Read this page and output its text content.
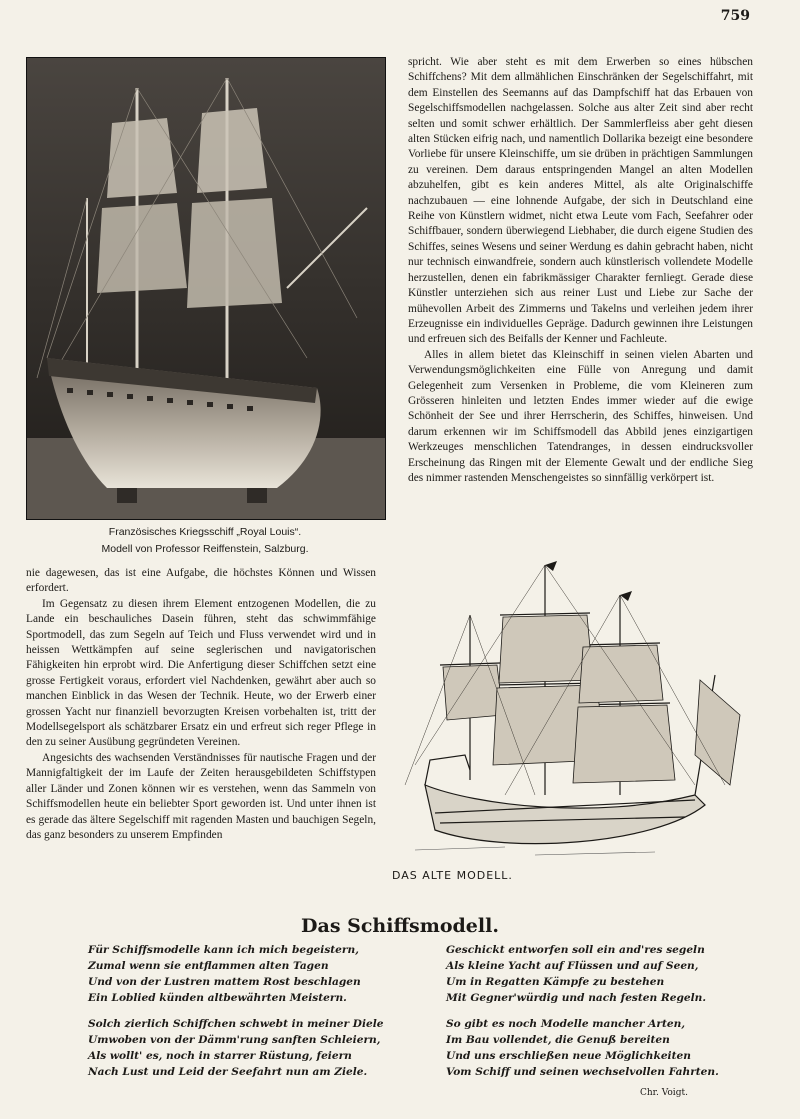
759
Französisches Kriegsschiff „Royal Louis“.
Modell von Professor Reiffenstein, Salzburg.

spricht. Wie aber steht es mit dem Erwerben so eines hübschen Schiffchens? Mit dem allmählichen Einschränken der Segelschiffahrt, mit dem Einstellen des Seemanns auf das Dampfschiff hat das Erbauen von Segelschiffsmodellen nachgelassen. Solche aus alter Zeit sind aber recht selten und somit schwer erhältlich. Der Sammlerfleiss aber geht diesen alten Stücken eifrig nach, und namentlich Dollarika bezeigt eine besondere Vorliebe für unsere Kleinschiffe, um sie drüben in prächtigen Sammlungen zu vereinen. Dem daraus entspringenden Mangel an alten Modellen abzuhelfen, gibt es kein anderes Mittel, als alte Originalschiffe nachzubauen — eine lohnende Aufgabe, der sich in Deutschland eine Reihe von Künstlern widmet, nicht etwa Leute vom Fach, Seefahrer oder Schiffbauer, sondern überwiegend Liebhaber, die durch eigene Studien des Schiffes, seines Wesens und seiner Werdung es dahin gebracht haben, nicht nur technisch einwandfreie, sondern auch künstlerisch vollendete Modelle herzustellen, denen ein fabrikmässiger Charakter fernliegt. Gerade diese Künstler unterziehen sich aus reiner Lust und Liebe zur Sache der mühevollen Arbeit des Zimmerns und Takelns und verleihen jedem ihrer Erzeugnisse ein individuelles Gepräge. Dadurch gewinnen ihre Leistungen und erfreuen sich des Beifalls der Kenner und Fachleute.

Alles in allem bietet das Kleinschiff in seinen vielen Abarten und Verwendungsmöglichkeiten eine Fülle von Anregung und damit Gelegenheit zum Versenken in Probleme, die vom Kleineren zum Grösseren hinleiten und letzten Endes immer wieder auf die ewige Schönheit der See und ihrer Herrscherin, des Schiffes, hinweisen. Und darum erkennen wir im Schiffsmodell das Abbild jenes einzigartigen Werkzeuges menschlichen Tatendranges, in dessen eindrucksvoller Erscheinung das Ringen mit der Elemente Gewalt und der endliche Sieg des nimmer rastenden Menschengeistes so sinnfällig verkörpert ist.

nie dagewesen, das ist eine Aufgabe, die höchstes Können und Wissen erfordert.

Im Gegensatz zu diesen ihrem Element entzogenen Modellen, die zu Lande ein beschauliches Dasein führen, steht das schwimmfähige Sportmodell, das zum Segeln auf Teich und Fluss verwendet wird und in heissen Wettkämpfen auf seine seglerischen und navigatorischen Fähigkeiten hin erprobt wird. Die Anfertigung dieser Schiffchen setzt eine grosse Fertigkeit voraus, erfordert viel Nachdenken, gewährt aber auch so manchen Einblick in das Wesen der Technik. Heute, wo der Erwerb einer grossen Yacht nur finanziell bevorzugten Kreisen vorbehalten ist, tritt der Modellsegelsport als schätzbarer Ersatz ein und erfreut sich reger Pflege in den zu seiner Ausübung gegründeten Vereinen.

Angesichts des wachsenden Verständnisses für nautische Fragen und der Mannigfaltigkeit der im Laufe der Zeiten herausgebildeten Schiffstypen aller Länder und Zonen können wir es verstehen, wenn das Sammeln von Schiffsmodellen heute ein beliebter Sport geworden ist. Und unter ihnen ist es gerade das ältere Segelschiff mit ragenden Masten und bauchigen Segeln, das ganz besonders zu unserem Empfinden

DAS ALTE MODELL.
Das Schiffsmodell.
Für Schiffsmodelle kann ich mich begeistern,
Zumal wenn sie entflammen alten Tagen
Und von der Lustren mattem Rost beschlagen
Ein Loblied künden altbewährten Meistern.
Solch zierlich Schiffchen schwebt in meiner Diele
Umwoben von der Dämm'rung sanften Schleiern,
Als wollt' es, noch in starrer Rüstung, feiern
Nach Lust und Leid der Seefahrt nun am Ziele.
Geschickt entworfen soll ein and'res segeln
Als kleine Yacht auf Flüssen und auf Seen,
Um in Regatten Kämpfe zu bestehen
Mit Gegner'würdig und nach festen Regeln.
So gibt es noch Modelle mancher Arten,
Im Bau vollendet, die Genuß bereiten
Und uns erschließen neue Möglichkeiten
Vom Schiff und seinen wechselvollen Fahrten.
Chr. Voigt.
